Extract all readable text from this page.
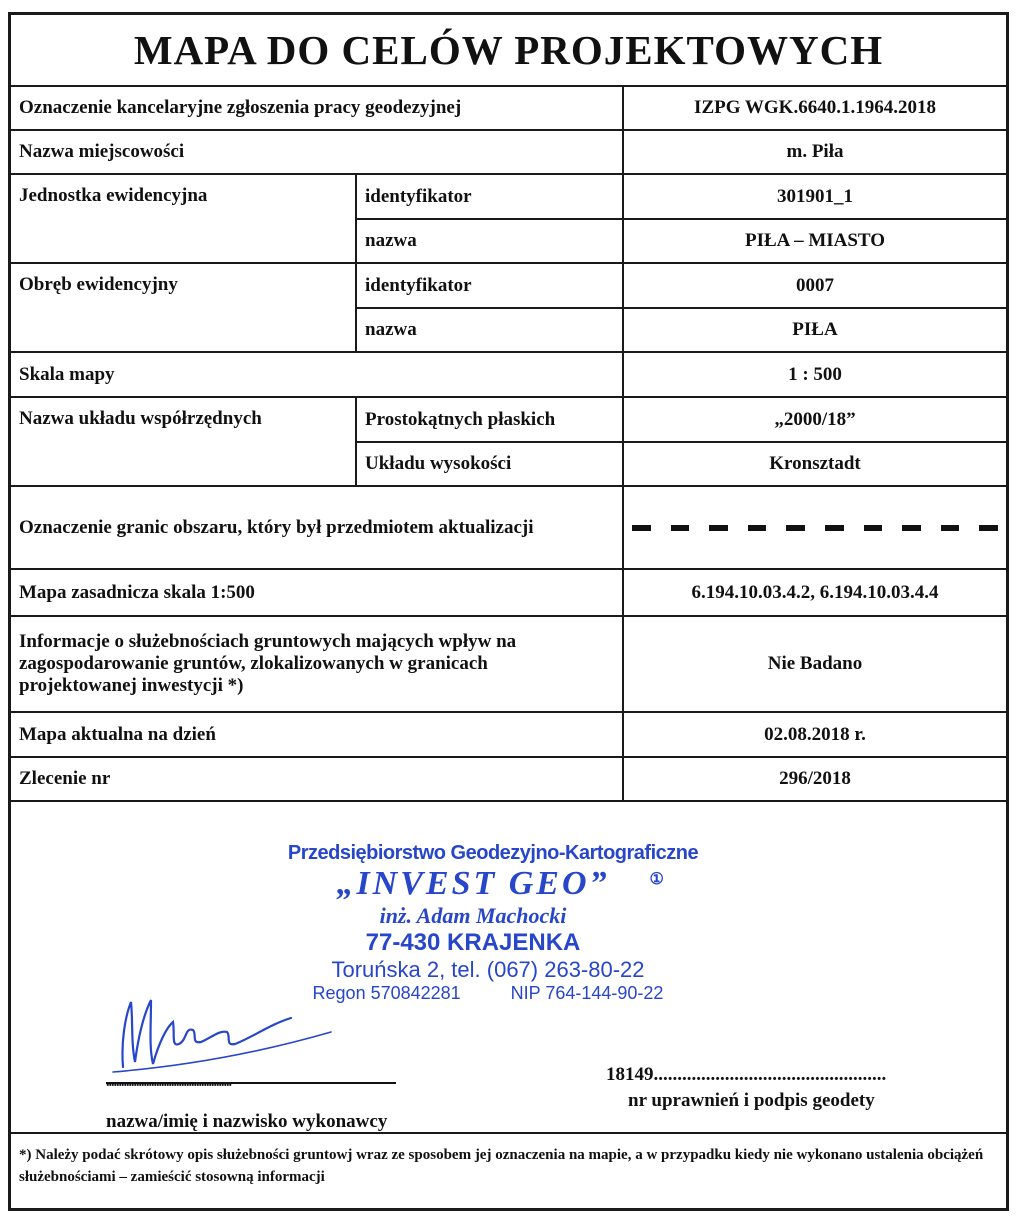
MAPA DO CELÓW PROJEKTOWYCH
Oznaczenie kancelaryjne zgłoszenia pracy geodezyjnej		IZPG WGK.6640.1.1964.2018
Nazwa miejscowości		m. Piła
Jednostka ewidencyjna	identyfikator	301901_1
	nazwa	PIŁA – MIASTO
Obręb ewidencyjny	identyfikator	0007
	nazwa	PIŁA
Skala mapy		1 : 500
Nazwa układu współrzędnych	Prostokątnych płaskich	„2000/18”
	Układu wysokości	Kronsztadt
Oznaczenie granic obszaru, który był przedmiotem aktualizacji		

Mapa zasadnicza skala 1:500		6.194.10.03.4.2, 6.194.10.03.4.4
Informacje o służebnościach gruntowych mających wpływ na zagospodarowanie gruntów, zlokalizowanych w granicach projektowanej inwestycji *)		Nie Badano
Mapa aktualna na dzień		02.08.2018 r.
Zlecenie nr		296/2018
Przedsiębiorstwo Geodezyjno-Kartograficzne
„INVEST GEO”	①
inż. Adam Machocki
77-430 KRAJENKA
Toruńska 2, tel. (067) 263-80-22
Regon 570842281	NIP 764-144-90-22
..................................................
nazwa/imię i nazwisko wykonawcy
18149.................................................
nr uprawnień i podpis geodety
*) Należy podać skrótowy opis służebności gruntowj wraz ze sposobem jej oznaczenia na mapie, a w przypadku kiedy nie wykonano ustalenia obciążeń służebnościami – zamieścić stosowną informacji
